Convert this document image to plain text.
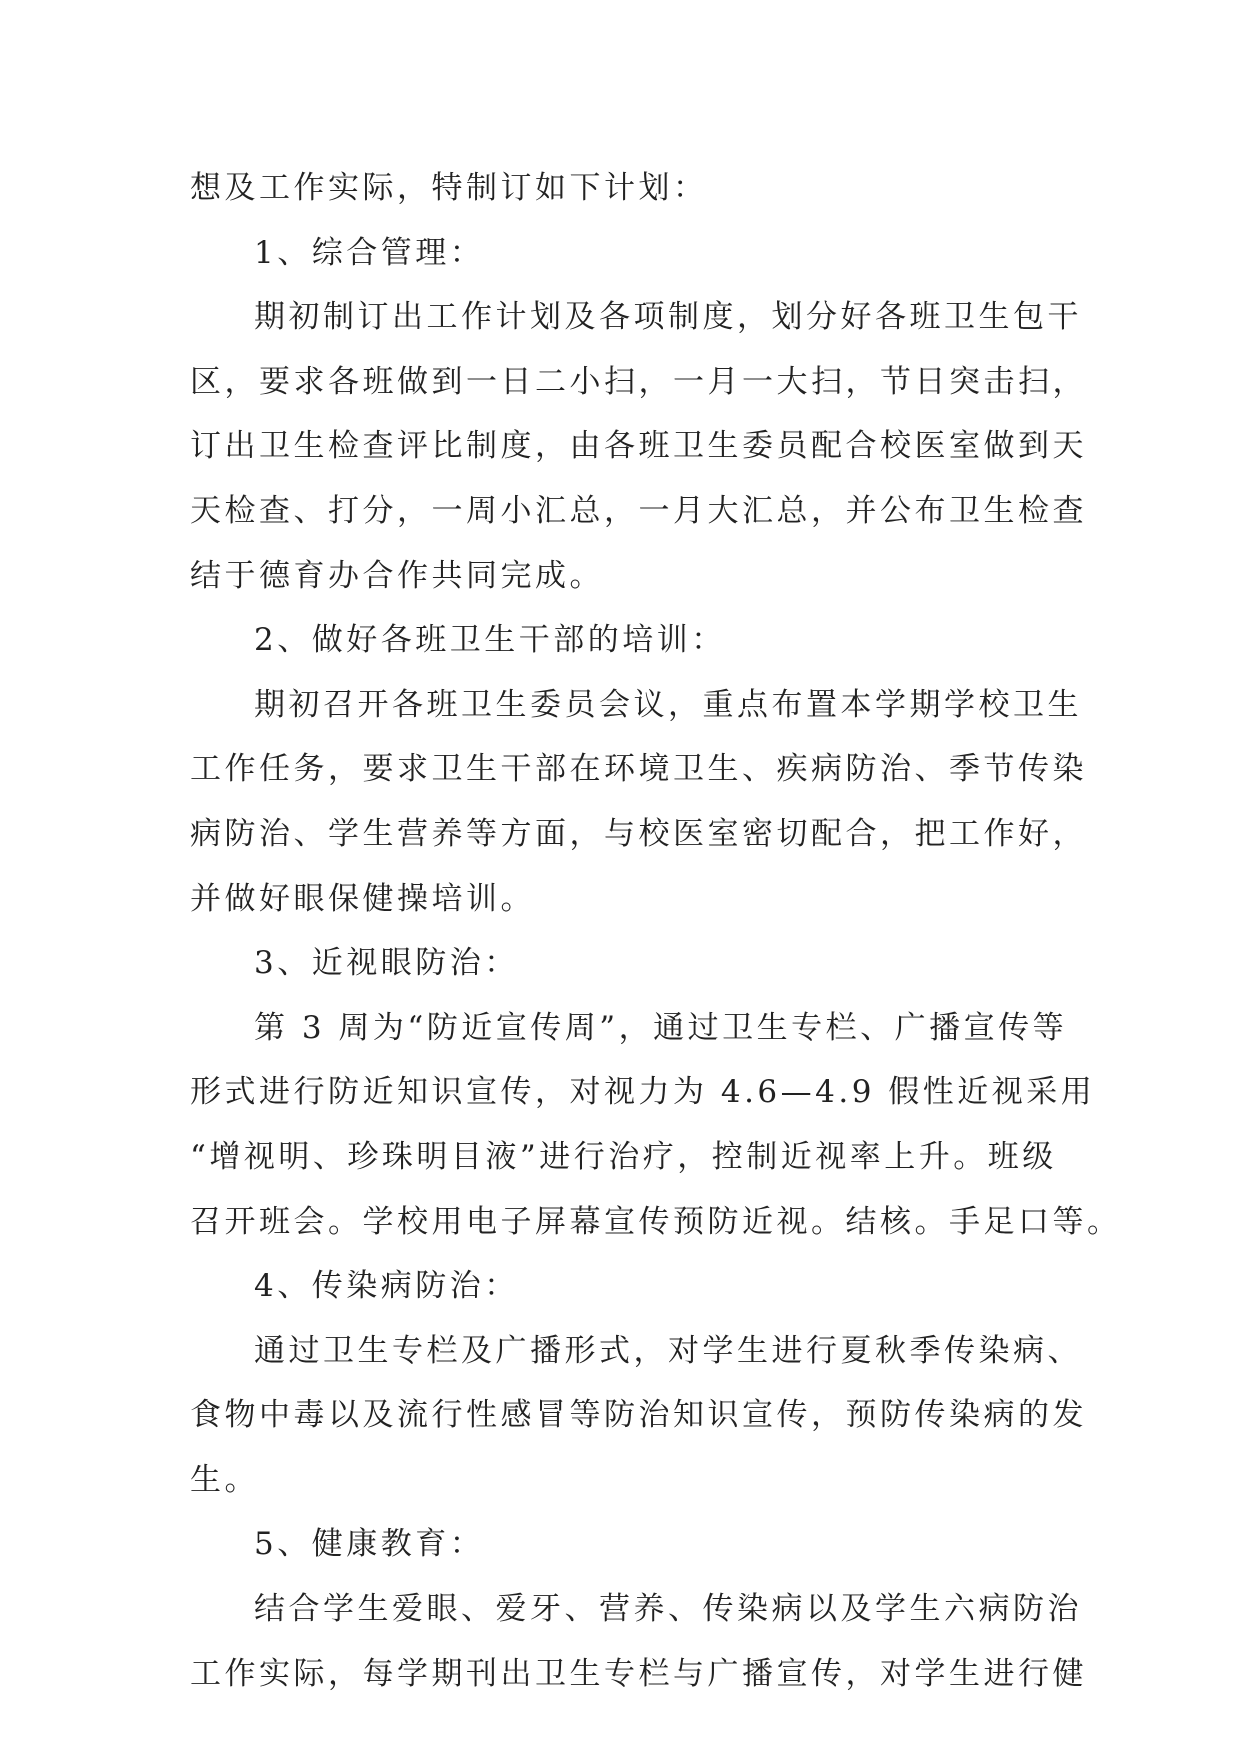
想及工作实际，特制订如下计划：
1、综合管理：
期初制订出工作计划及各项制度，划分好各班卫生包干
区，要求各班做到一日二小扫，一月一大扫，节日突击扫，
订出卫生检查评比制度，由各班卫生委员配合校医室做到天
天检查、打分，一周小汇总，一月大汇总，并公布卫生检查
结于德育办合作共同完成。
2、做好各班卫生干部的培训：
期初召开各班卫生委员会议，重点布置本学期学校卫生
工作任务，要求卫生干部在环境卫生、疾病防治、季节传染
病防治、学生营养等方面，与校医室密切配合，把工作好，
并做好眼保健操培训。
3、近视眼防治：
第 3 周为“防近宣传周”，通过卫生专栏、广播宣传等
形式进行防近知识宣传，对视力为 4.6—4.9 假性近视采用
“增视明、珍珠明目液”进行治疗，控制近视率上升。班级
召开班会。学校用电子屏幕宣传预防近视。结核。手足口等。
4、传染病防治：
通过卫生专栏及广播形式，对学生进行夏秋季传染病、
食物中毒以及流行性感冒等防治知识宣传，预防传染病的发
生。
5、健康教育：
结合学生爱眼、爱牙、营养、传染病以及学生六病防治
工作实际，每学期刊出卫生专栏与广播宣传，对学生进行健
